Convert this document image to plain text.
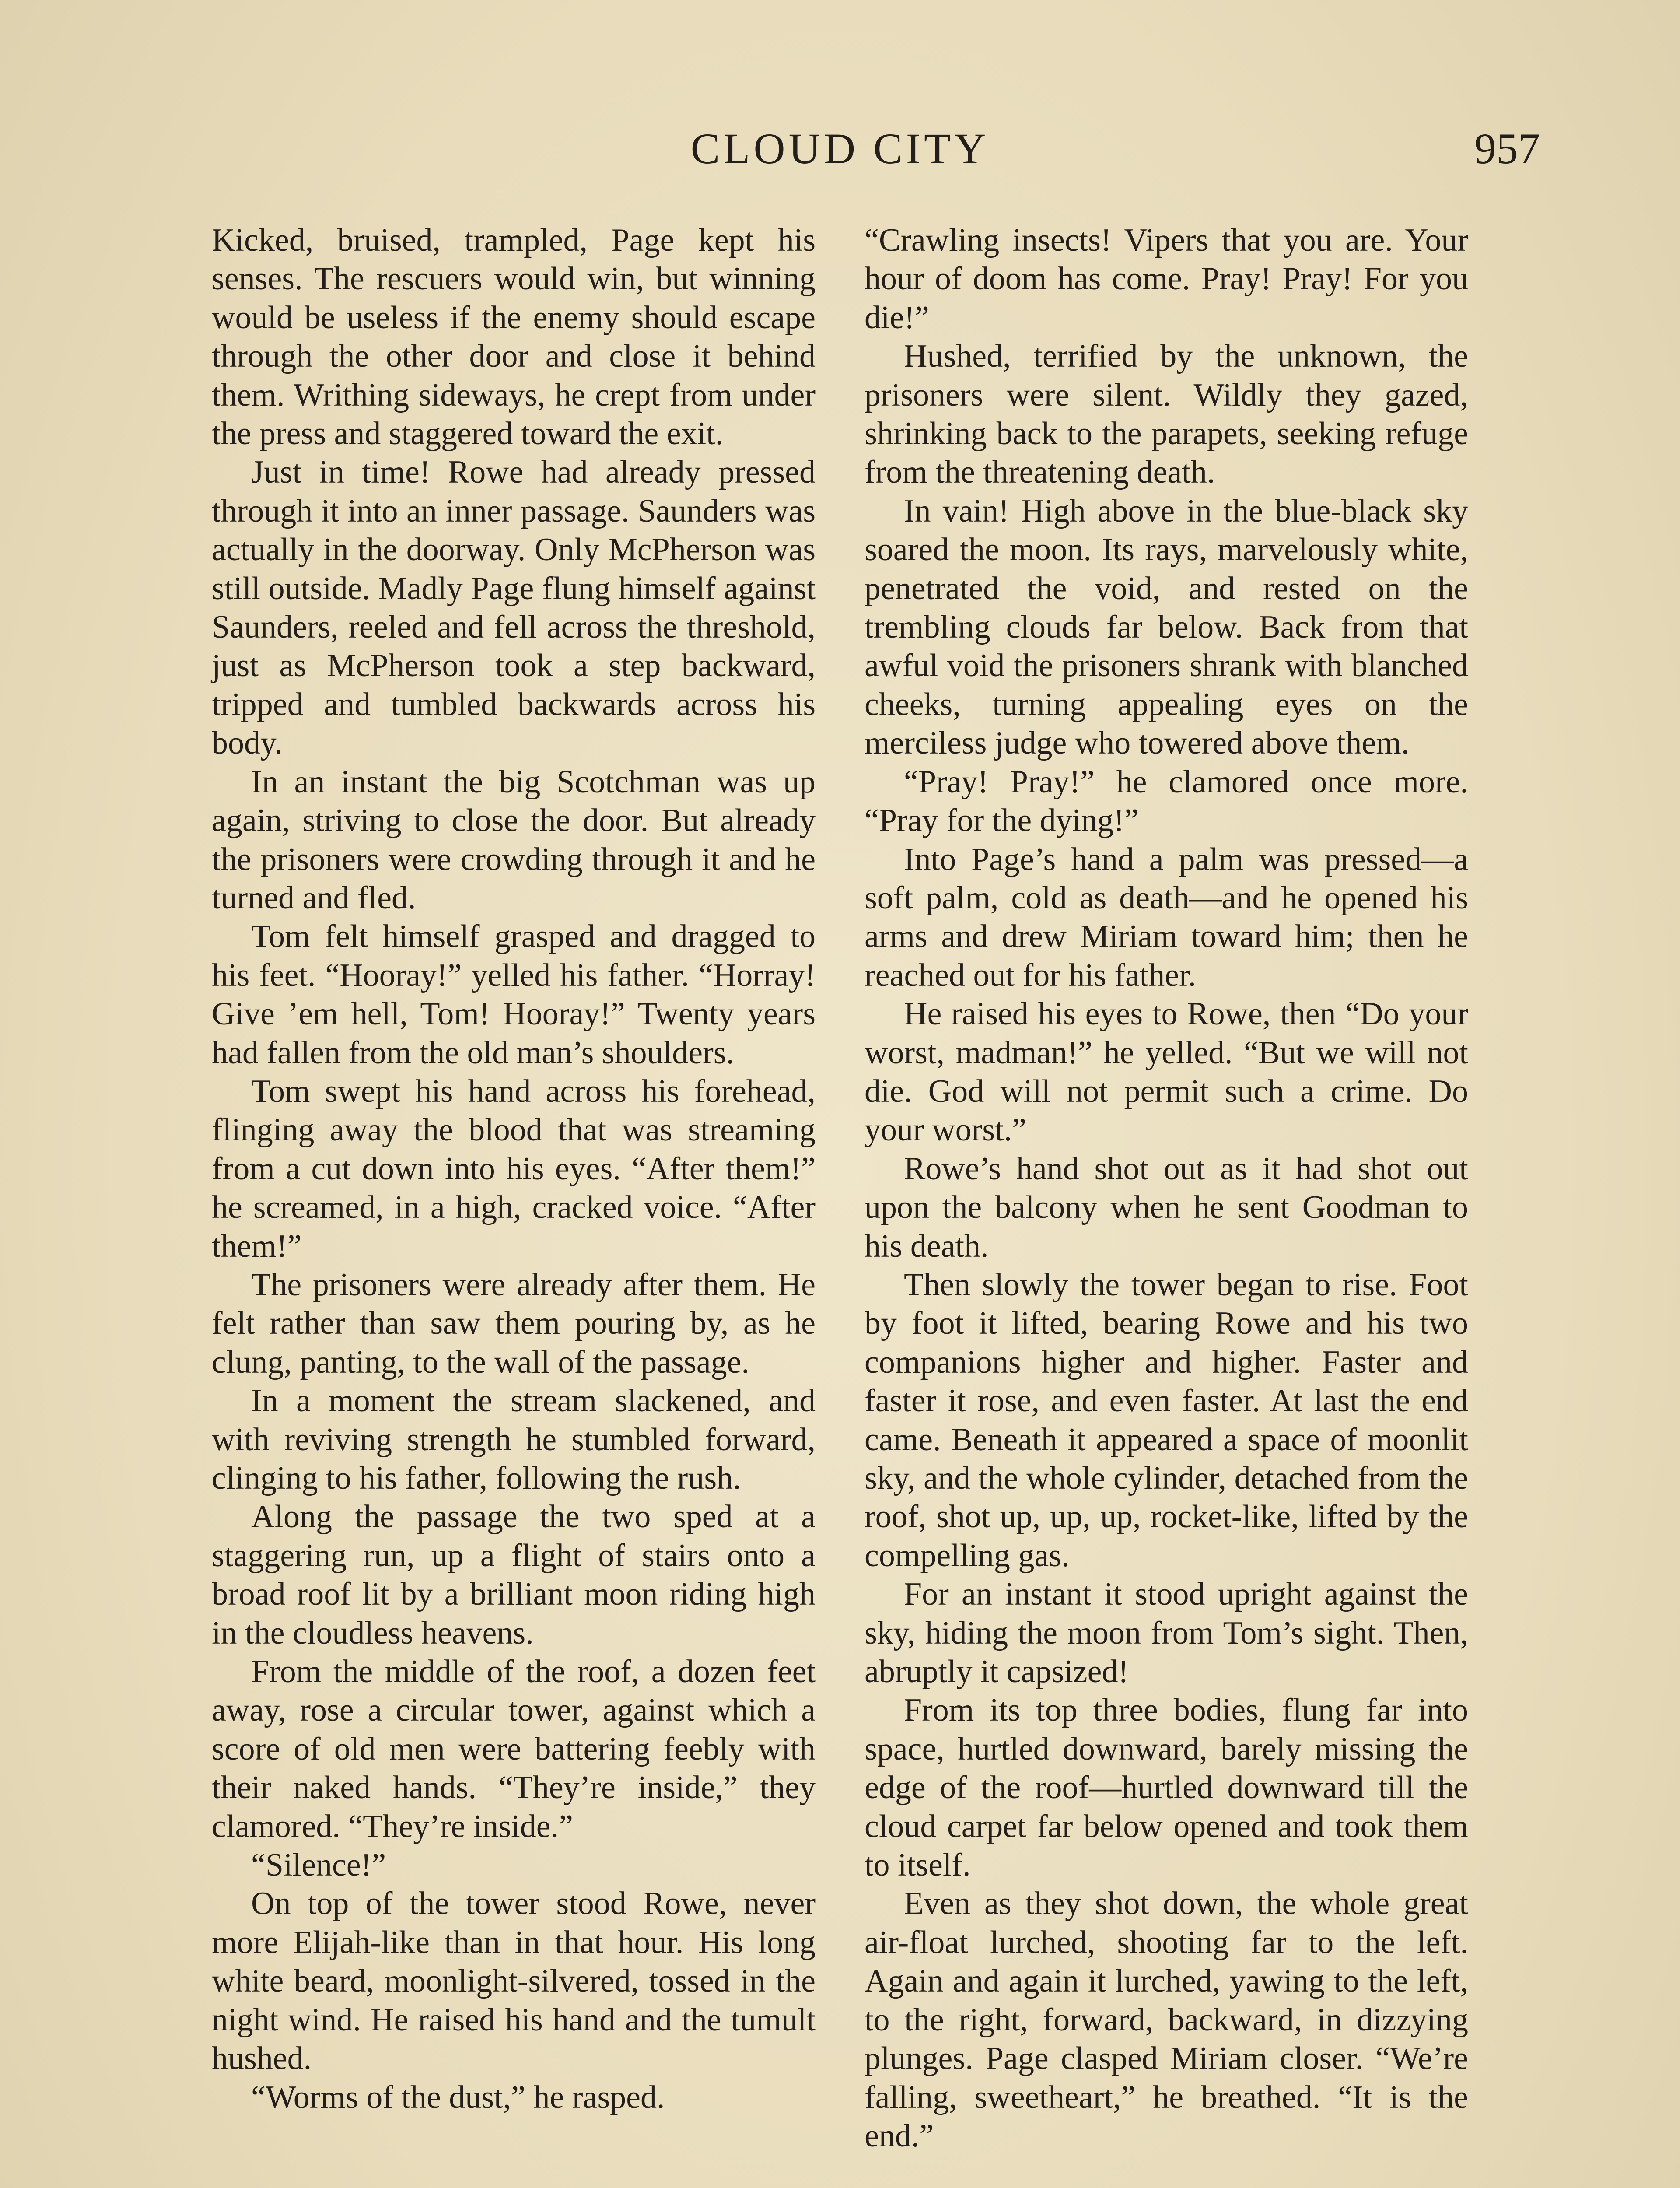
CLOUD CITY	957

Kicked, bruised, trampled, Page kept his senses. The rescuers would win, but winning would be useless if the enemy should escape through the other door and close it behind them. Writhing sideways, he crept from under the press and staggered toward the exit.

Just in time! Rowe had already pressed through it into an inner passage. Saunders was actually in the doorway. Only McPherson was still outside. Madly Page flung himself against Saunders, reeled and fell across the threshold, just as McPherson took a step backward, tripped and tumbled backwards across his body.

In an instant the big Scotchman was up again, striving to close the door. But already the prisoners were crowding through it and he turned and fled.

Tom felt himself grasped and dragged to his feet. “Hooray!” yelled his father. “Horray! Give ’em hell, Tom! Hooray!” Twenty years had fallen from the old man’s shoulders.

Tom swept his hand across his forehead, flinging away the blood that was streaming from a cut down into his eyes. “After them!” he screamed, in a high, cracked voice. “After them!”

The prisoners were already after them. He felt rather than saw them pouring by, as he clung, panting, to the wall of the passage.

In a moment the stream slackened, and with reviving strength he stumbled forward, clinging to his father, following the rush.

Along the passage the two sped at a staggering run, up a flight of stairs onto a broad roof lit by a brilliant moon riding high in the cloudless heavens.

From the middle of the roof, a dozen feet away, rose a circular tower, against which a score of old men were battering feebly with their naked hands. “They’re inside,” they clamored. “They’re inside.”

“Silence!”

On top of the tower stood Rowe, never more Elijah-like than in that hour. His long white beard, moonlight-silvered, tossed in the night wind. He raised his hand and the tumult hushed.

“Worms of the dust,” he rasped.

“Crawling insects! Vipers that you are. Your hour of doom has come. Pray! Pray! For you die!”

Hushed, terrified by the unknown, the prisoners were silent. Wildly they gazed, shrinking back to the parapets, seeking refuge from the threatening death.

In vain! High above in the blue-black sky soared the moon. Its rays, marvelously white, penetrated the void, and rested on the trembling clouds far below. Back from that awful void the prisoners shrank with blanched cheeks, turning appealing eyes on the merciless judge who towered above them.

“Pray! Pray!” he clamored once more. “Pray for the dying!”

Into Page’s hand a palm was pressed—a soft palm, cold as death—and he opened his arms and drew Miriam toward him; then he reached out for his father.

He raised his eyes to Rowe, then “Do your worst, madman!” he yelled. “But we will not die. God will not permit such a crime. Do your worst.”

Rowe’s hand shot out as it had shot out upon the balcony when he sent Goodman to his death.

Then slowly the tower began to rise. Foot by foot it lifted, bearing Rowe and his two companions higher and higher. Faster and faster it rose, and even faster. At last the end came. Beneath it appeared a space of moonlit sky, and the whole cylinder, detached from the roof, shot up, up, up, rocket-like, lifted by the compelling gas.

For an instant it stood upright against the sky, hiding the moon from Tom’s sight. Then, abruptly it capsized!

From its top three bodies, flung far into space, hurtled downward, barely missing the edge of the roof—hurtled downward till the cloud carpet far below opened and took them to itself.

Even as they shot down, the whole great air-float lurched, shooting far to the left. Again and again it lurched, yawing to the left, to the right, forward, backward, in dizzying plunges. Page clasped Miriam closer. “We’re falling, sweetheart,” he breathed. “It is the end.”
